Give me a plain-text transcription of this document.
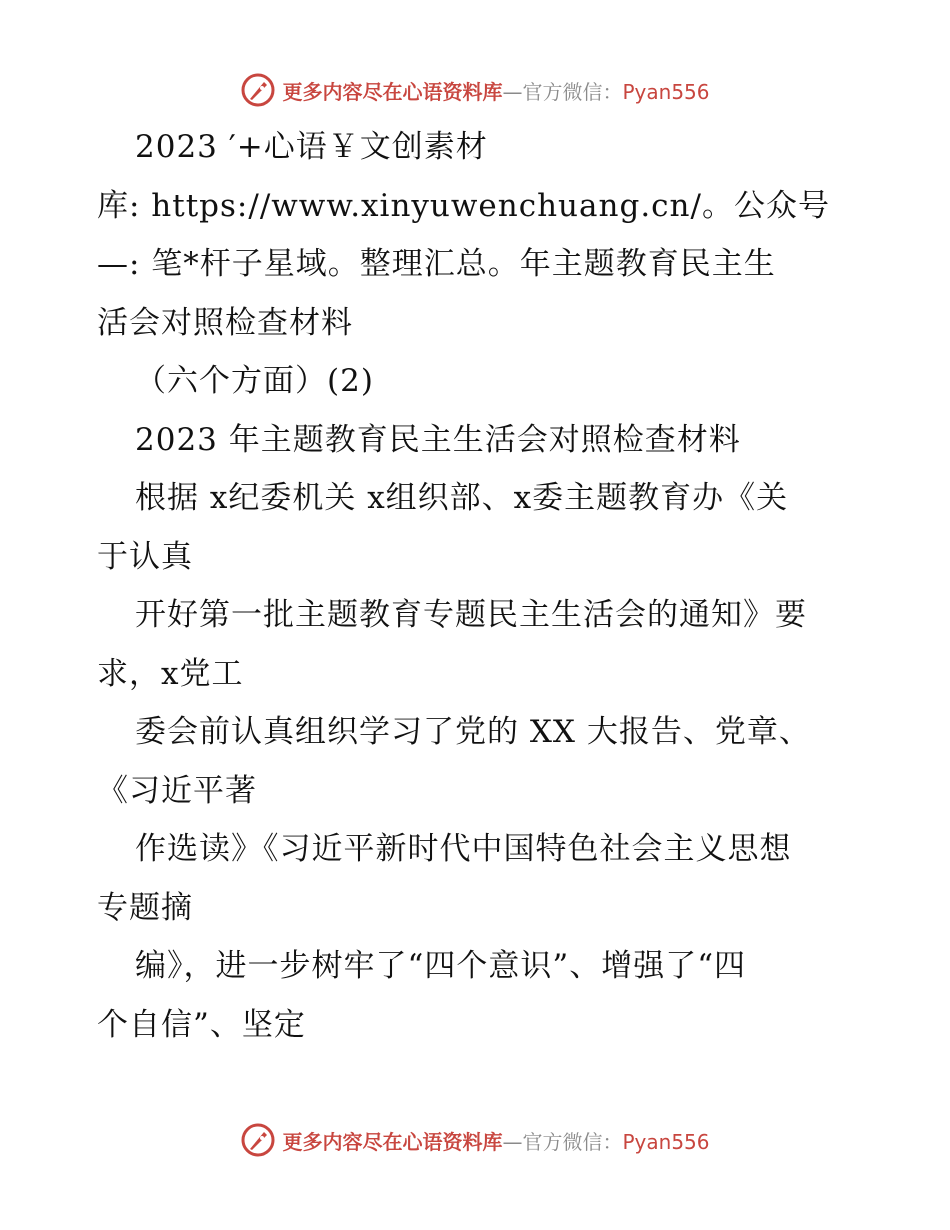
更多内容尽在心语资料库—官方微信：Pyan556
2023 ′+心语￥文创素材
库: https://www.xinyuwenchuang.cn/。公众号
—: 笔*杆子星域。整理汇总。年主题教育民主生
活会对照检查材料
（六个方面）(2)
2023 年主题教育民主生活会对照检查材料
根据 x纪委机关 x组织部、x委主题教育办《关
于认真
开好第一批主题教育专题民主生活会的通知》要
求，x党工
委会前认真组织学习了党的 XX 大报告、党章、
《习近平著
作选读》《习近平新时代中国特色社会主义思想
专题摘
编》，进一步树牢了“四个意识”、增强了“四
个自信”、坚定
更多内容尽在心语资料库—官方微信：Pyan556
